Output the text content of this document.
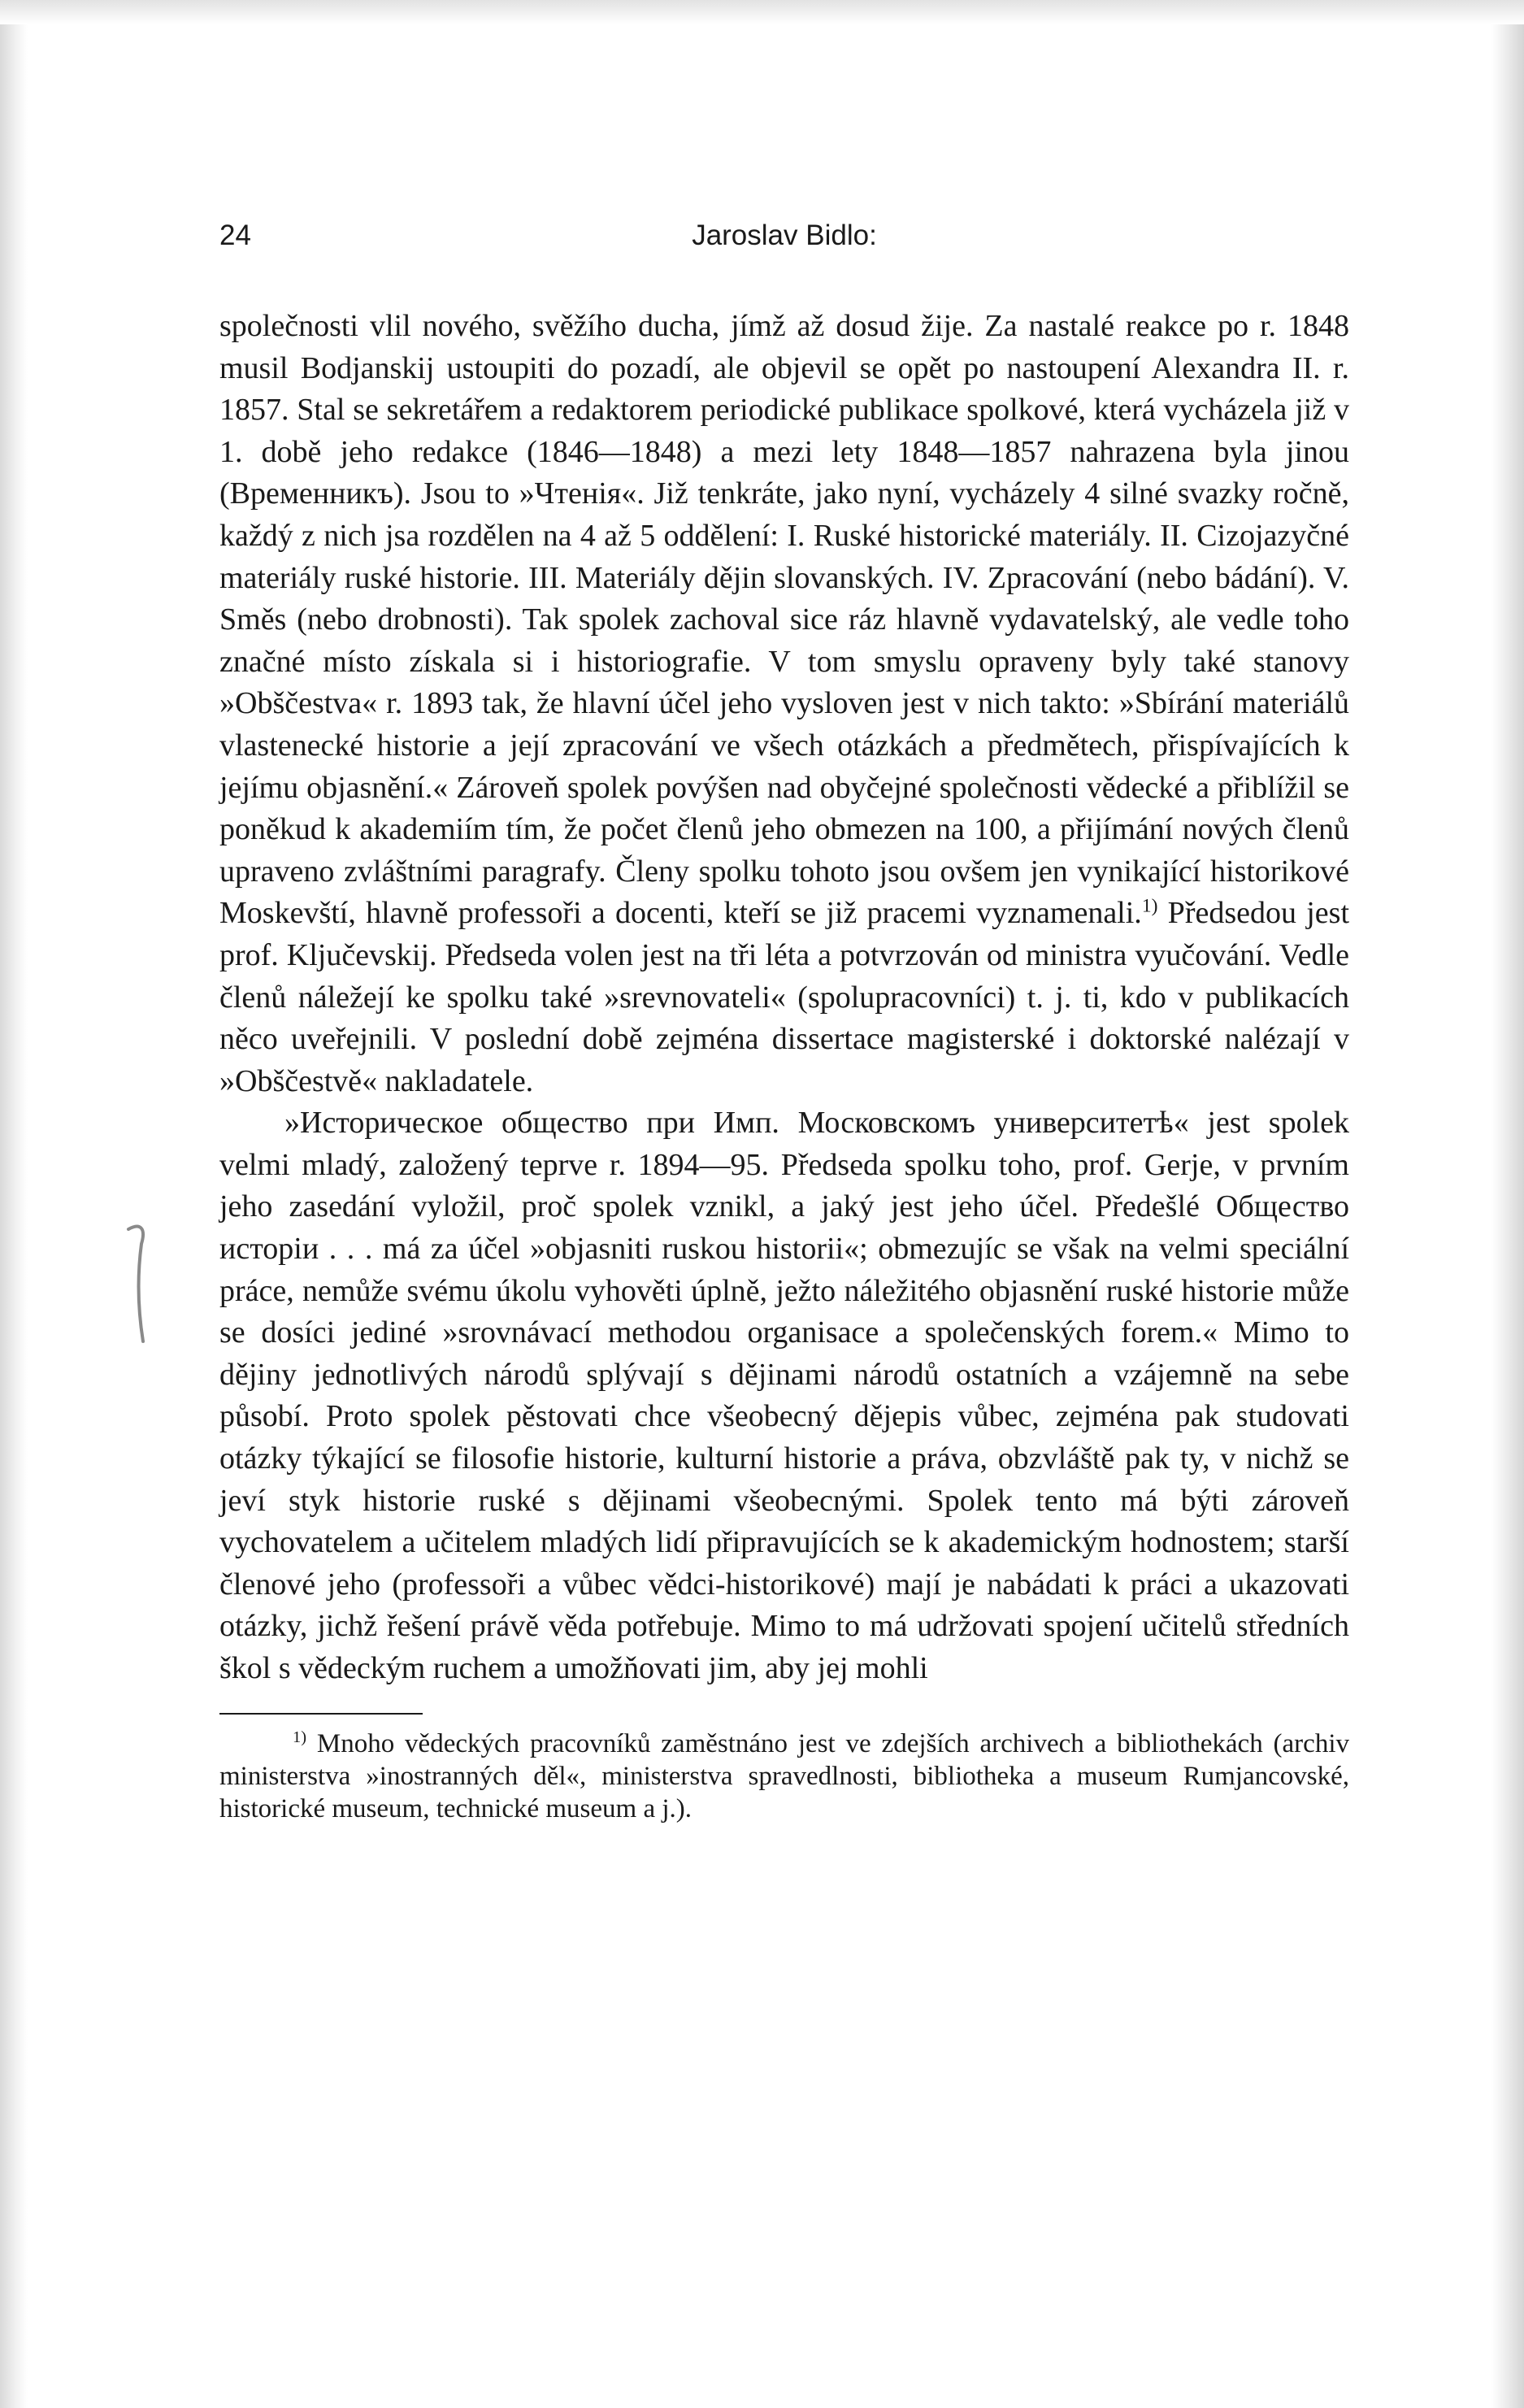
24	Jaroslav Bidlo:

společnosti vlil nového, svěžího ducha, jímž až dosud žije. Za nastalé reakce po r. 1848 musil Bodjanskij ustoupiti do pozadí, ale objevil se opět po nastoupení Alexandra II. r. 1857. Stal se sekretářem a redaktorem periodické publikace spolkové, která vycházela již v 1. době jeho redakce (1846—1848) a mezi lety 1848—1857 nahrazena byla jinou (Временникъ). Jsou to »Чтенія«. Již tenkráte, jako nyní, vycházely 4 silné svazky ročně, každý z nich jsa rozdělen na 4 až 5 oddělení: I. Ruské historické materiály. II. Cizojazyčné materiály ruské historie. III. Materiály dějin slovanských. IV. Zpracování (nebo bádání). V. Směs (nebo drobnosti). Tak spolek zachoval sice ráz hlavně vydavatelský, ale vedle toho značné místo získala si i historiografie. V tom smyslu opraveny byly také stanovy »Obščestva« r. 1893 tak, že hlavní účel jeho vysloven jest v nich takto: »Sbírání materiálů vlastenecké historie a její zpracování ve všech otázkách a předmětech, přispívajících k jejímu objasnění.« Zároveň spolek povýšen nad obyčejné společnosti vědecké a přiblížil se poněkud k akademiím tím, že počet členů jeho obmezen na 100, a přijímání nových členů upraveno zvláštními paragrafy. Členy spolku tohoto jsou ovšem jen vynikající historikové Moskevští, hlavně professoři a docenti, kteří se již pracemi vyznamenali.$^{1)}$ Předsedou jest prof. Ključevskij. Předseda volen jest na tři léta a potvrzován od ministra vyučování. Vedle členů náležejí ke spolku také »srevnovateli« (spolupracovníci) t. j. ti, kdo v publikacích něco uveřejnili. V poslední době zejména dissertace magisterské i doktorské nalézají v »Obščestvě« nakladatele.

»Историческое общество при Имп. Московскомъ университетѣ« jest spolek velmi mladý, založený teprve r. 1894—95. Předseda spolku toho, prof. Gerje, v prvním jeho zasedání vyložil, proč spolek vznikl, a jaký jest jeho účel. Předešlé Общество исторіи . . . má za účel »objasniti ruskou historii«; obmezujíc se však na velmi speciální práce, nemůže svému úkolu vyhověti úplně, ježto náležitého objasnění ruské historie může se dosíci jediné »srovnávací methodou organisace a společenských forem.« Mimo to dějiny jednotlivých národů splývají s dějinami národů ostatních a vzájemně na sebe působí. Proto spolek pěstovati chce všeobecný dějepis vůbec, zejména pak studovati otázky týkající se filosofie historie, kulturní historie a práva, obzvláště pak ty, v nichž se jeví styk historie ruské s dějinami všeobecnými. Spolek tento má býti zároveň vychovatelem a učitelem mladých lidí připravujících se k akademickým hodnostem; starší členové jeho (professoři a vůbec vědci-historikové) mají je nabádati k práci a ukazovati otázky, jichž řešení právě věda potřebuje. Mimo to má udržovati spojení učitelů středních škol s vědeckým ruchem a umožňovati jim, aby jej mohli

$^{1)}$ Mnoho vědeckých pracovníků zaměstnáno jest ve zdejších archivech a bibliothekách (archiv ministerstva »inostranných děl«, ministerstva spravedlnosti, bibliotheka a museum Rumjancovské, historické museum, technické museum a j.).
